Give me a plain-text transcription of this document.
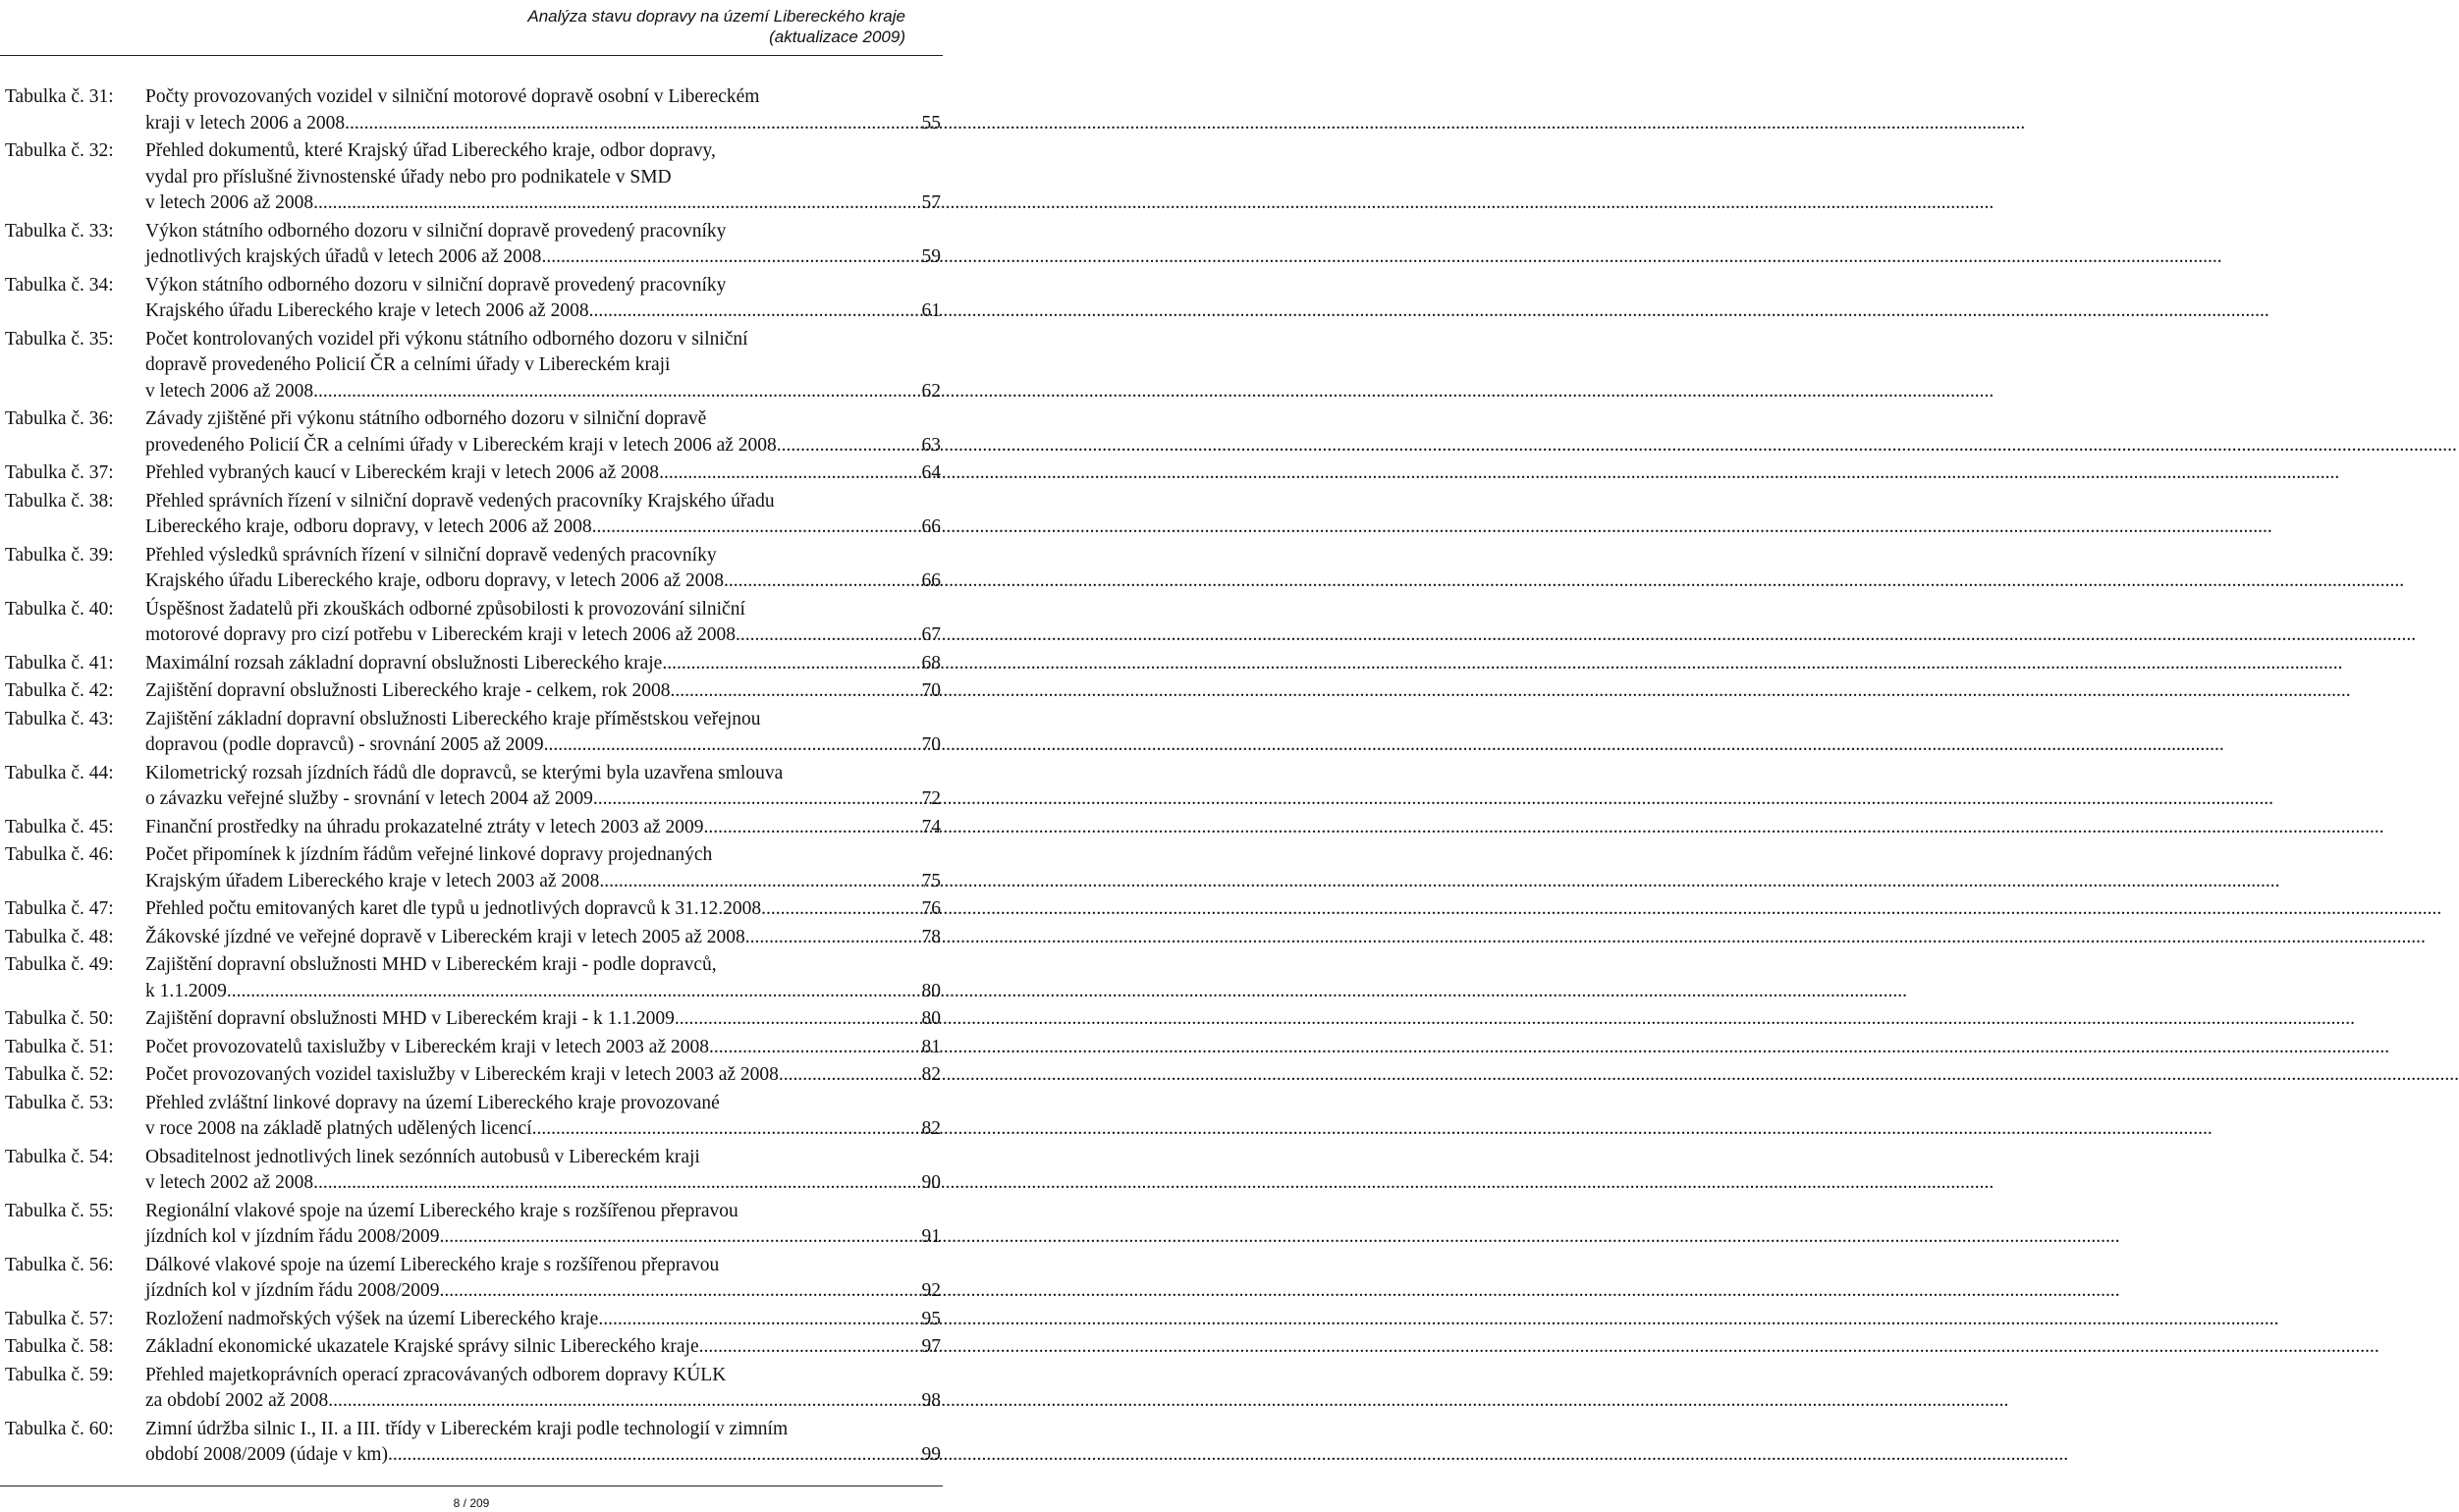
Analýza stavu dopravy na území Libereckého kraje
(aktualizace 2009)
Tabulka č. 31:	Počty provozovaných vozidel v silniční motorové dopravě osobní v Libereckém
kraji v letech 2006 a 2008 .....	55
Tabulka č. 32:	Přehled dokumentů, které Krajský úřad Libereckého kraje, odbor dopravy,
vydal pro příslušné živnostenské úřady nebo pro podnikatele v SMD
v letech 2006 až 2008 .....	57
Tabulka č. 33:	Výkon státního odborného dozoru v silniční dopravě provedený pracovníky
jednotlivých krajských úřadů v letech 2006 až 2008 .....	59
Tabulka č. 34:	Výkon státního odborného dozoru v silniční dopravě provedený pracovníky
Krajského úřadu Libereckého kraje v letech 2006 až 2008 .....	61
Tabulka č. 35:	Počet kontrolovaných vozidel při výkonu státního odborného dozoru v silniční
dopravě provedeného Policií ČR a celními úřady v Libereckém kraji
v letech 2006 až 2008 .....	62
Tabulka č. 36:	Závady zjištěné při výkonu státního odborného dozoru v silniční dopravě
provedeného Policií ČR a celními úřady v Libereckém kraji v letech 2006 až 2008 .....	63
Tabulka č. 37:	Přehled vybraných kaucí v Libereckém kraji v letech 2006 až 2008 .....	64
Tabulka č. 38:	Přehled správních řízení v silniční dopravě vedených pracovníky Krajského úřadu
Libereckého kraje, odboru dopravy, v letech 2006 až 2008 .....	66
Tabulka č. 39:	Přehled výsledků správních řízení v silniční dopravě vedených pracovníky
Krajského úřadu Libereckého kraje, odboru dopravy, v letech 2006 až 2008 .....	66
Tabulka č. 40:	Úspěšnost žadatelů při zkouškách odborné způsobilosti k provozování silniční
motorové dopravy pro cizí potřebu v Libereckém kraji v letech 2006 až 2008 .....	67
Tabulka č. 41:	Maximální rozsah základní dopravní obslužnosti Libereckého kraje .....	68
Tabulka č. 42:	Zajištění dopravní obslužnosti Libereckého kraje - celkem, rok 2008 .....	70
Tabulka č. 43:	Zajištění základní dopravní obslužnosti Libereckého kraje příměstskou veřejnou
dopravou (podle dopravců) - srovnání 2005 až 2009 .....	70
Tabulka č. 44:	Kilometrický rozsah jízdních řádů dle dopravců, se kterými byla uzavřena smlouva
o závazku veřejné služby - srovnání v letech 2004 až 2009 .....	72
Tabulka č. 45:	Finanční prostředky na úhradu prokazatelné ztráty v letech 2003 až 2009 .....	74
Tabulka č. 46:	Počet připomínek k jízdním řádům veřejné linkové dopravy projednaných
Krajským úřadem Libereckého kraje v letech 2003 až 2008 .....	75
Tabulka č. 47:	Přehled počtu emitovaných karet dle typů u jednotlivých dopravců k 31.12.2008 .....	76
Tabulka č. 48:	Žákovské jízdné ve veřejné dopravě v Libereckém kraji v letech 2005 až 2008 .....	78
Tabulka č. 49:	Zajištění dopravní obslužnosti MHD v Libereckém kraji - podle dopravců,
k 1.1.2009 .....	80
Tabulka č. 50:	Zajištění dopravní obslužnosti MHD v Libereckém kraji - k 1.1.2009 .....	80
Tabulka č. 51:	Počet provozovatelů taxislužby v Libereckém kraji v letech 2003 až 2008 .....	81
Tabulka č. 52:	Počet provozovaných vozidel taxislužby v Libereckém kraji v letech 2003 až 2008 .....	82
Tabulka č. 53:	Přehled zvláštní linkové dopravy na území Libereckého kraje provozované
v roce 2008 na základě platných udělených licencí .....	82
Tabulka č. 54:	Obsaditelnost jednotlivých linek sezónních autobusů v Libereckém kraji
v letech 2002 až 2008 .....	90
Tabulka č. 55:	Regionální vlakové spoje na území Libereckého kraje s rozšířenou přepravou
jízdních kol v jízdním řádu 2008/2009 .....	91
Tabulka č. 56:	Dálkové vlakové spoje na území Libereckého kraje s rozšířenou přepravou
jízdních kol v jízdním řádu 2008/2009 .....	92
Tabulka č. 57:	Rozložení nadmořských výšek na území Libereckého kraje .....	95
Tabulka č. 58:	Základní ekonomické ukazatele Krajské správy silnic Libereckého kraje .....	97
Tabulka č. 59:	Přehled majetkoprávních operací zpracovávaných odborem dopravy KÚLK
za období 2002 až 2008 .....	98
Tabulka č. 60:	Zimní údržba silnic I., II. a III. třídy v Libereckém kraji podle technologií v zimním
období 2008/2009 (údaje v km) .....	99
8 / 209
